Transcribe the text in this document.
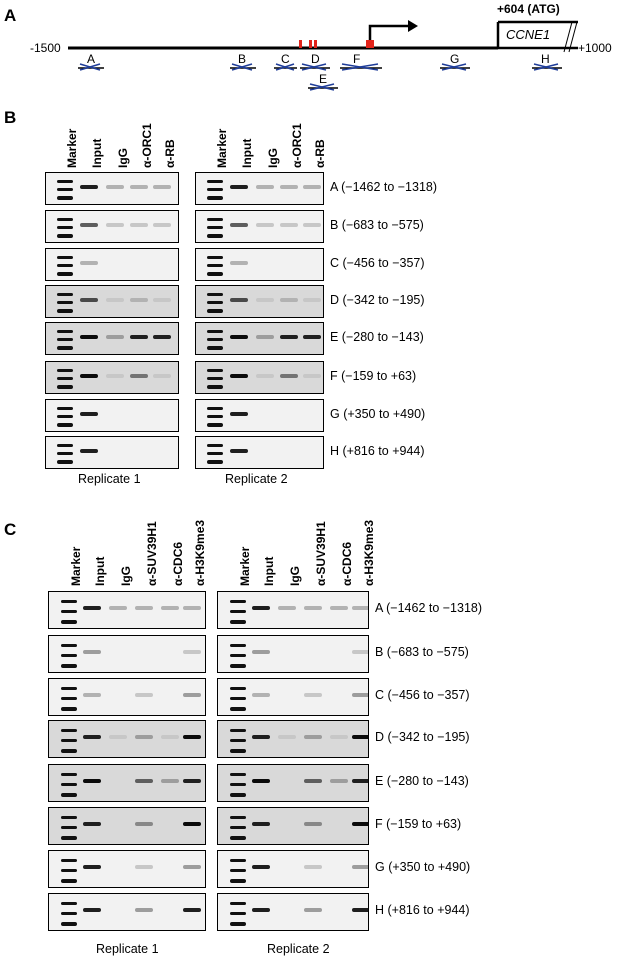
A
-1500	+1000
+604 (ATG)
CCNE1
A	B	C D
E
F	G	H
B
Marker Input IgG α-ORC1 α-RB
Replicate 1
Marker Input IgG α-ORC1 α-RB
A (−1462 to −1318)
B (−683 to −575)
C (−456 to −357)
D (−342 to −195)
E (−280 to −143)
F (−159 to +63)
G (+350 to +490)
H (+816 to +944)
Replicate 2
C
Marker Input IgG α-SUV39H1 α-CDC6 α-H3K9me3
Replicate 1
Marker Input IgG α-SUV39H1 α-CDC6 α-H3K9me3
A (−1462 to −1318)
B (−683 to −575)
C (−456 to −357)
D (−342 to −195)
E (−280 to −143)
F (−159 to +63)
G (+350 to +490)
H (+816 to +944)
Replicate 2
